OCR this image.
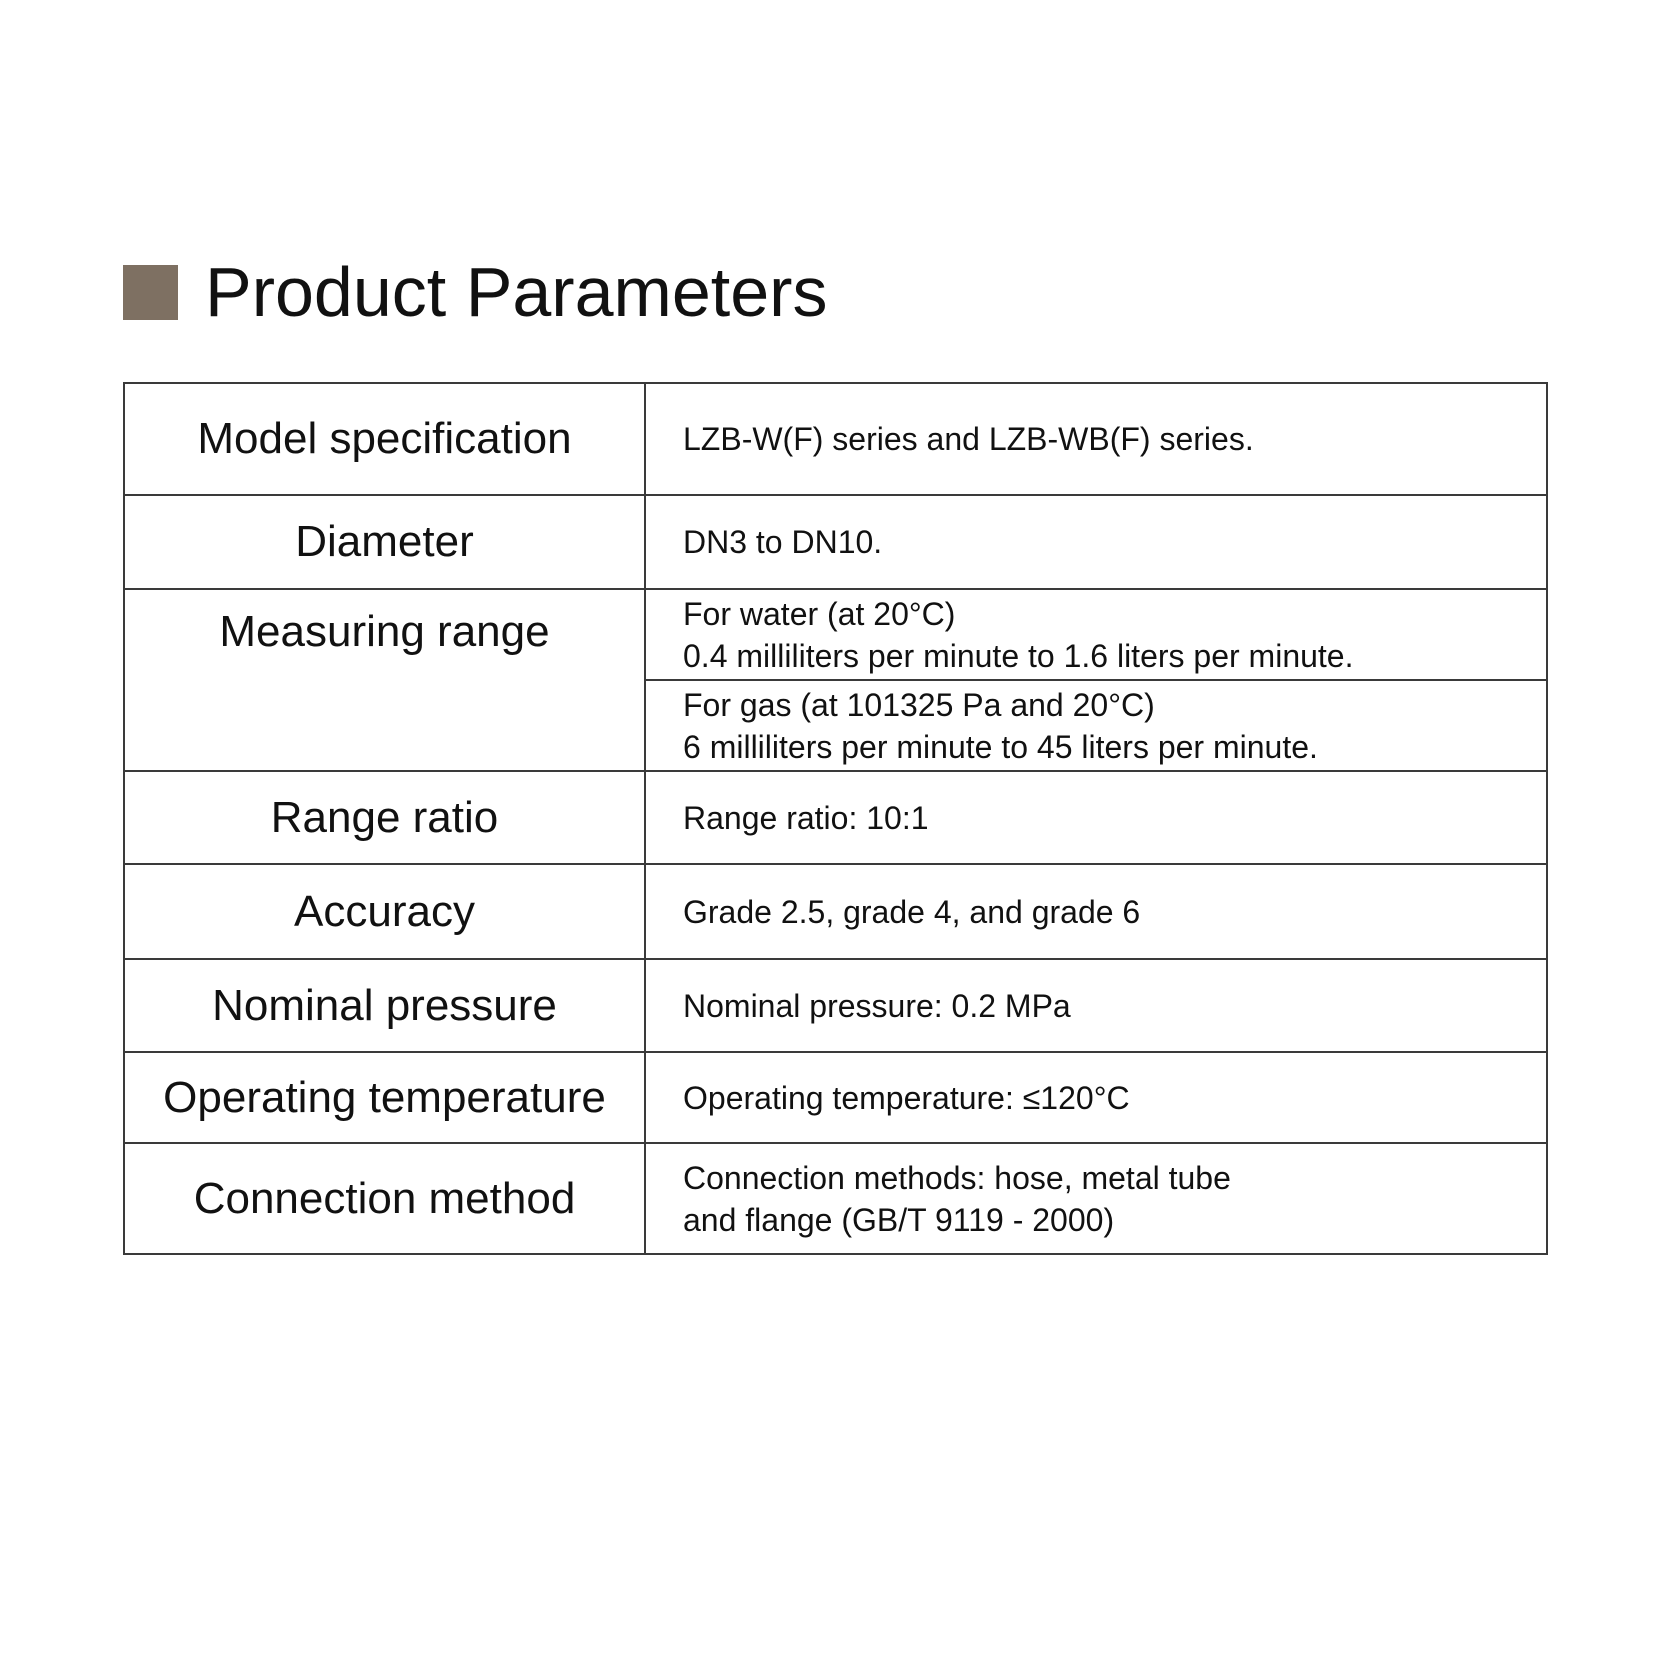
Product Parameters
Model specification	LZB-W(F) series and LZB-WB(F) series.
Diameter	DN3 to DN10.

Measuring range	For water (at 20°C)
0.4 milliliters per minute to 1.6 liters per minute.

	For gas (at 101325 Pa and 20°C)
6 milliliters per minute to 45 liters per minute.

Range ratio	Range ratio: 10:1
Accuracy	Grade 2.5, grade 4, and grade 6
Nominal pressure	Nominal pressure: 0.2 MPa
Operating temperature	Operating temperature: ≤120°C
Connection method	Connection methods: hose, metal tube
and flange (GB/T 9119 - 2000)
